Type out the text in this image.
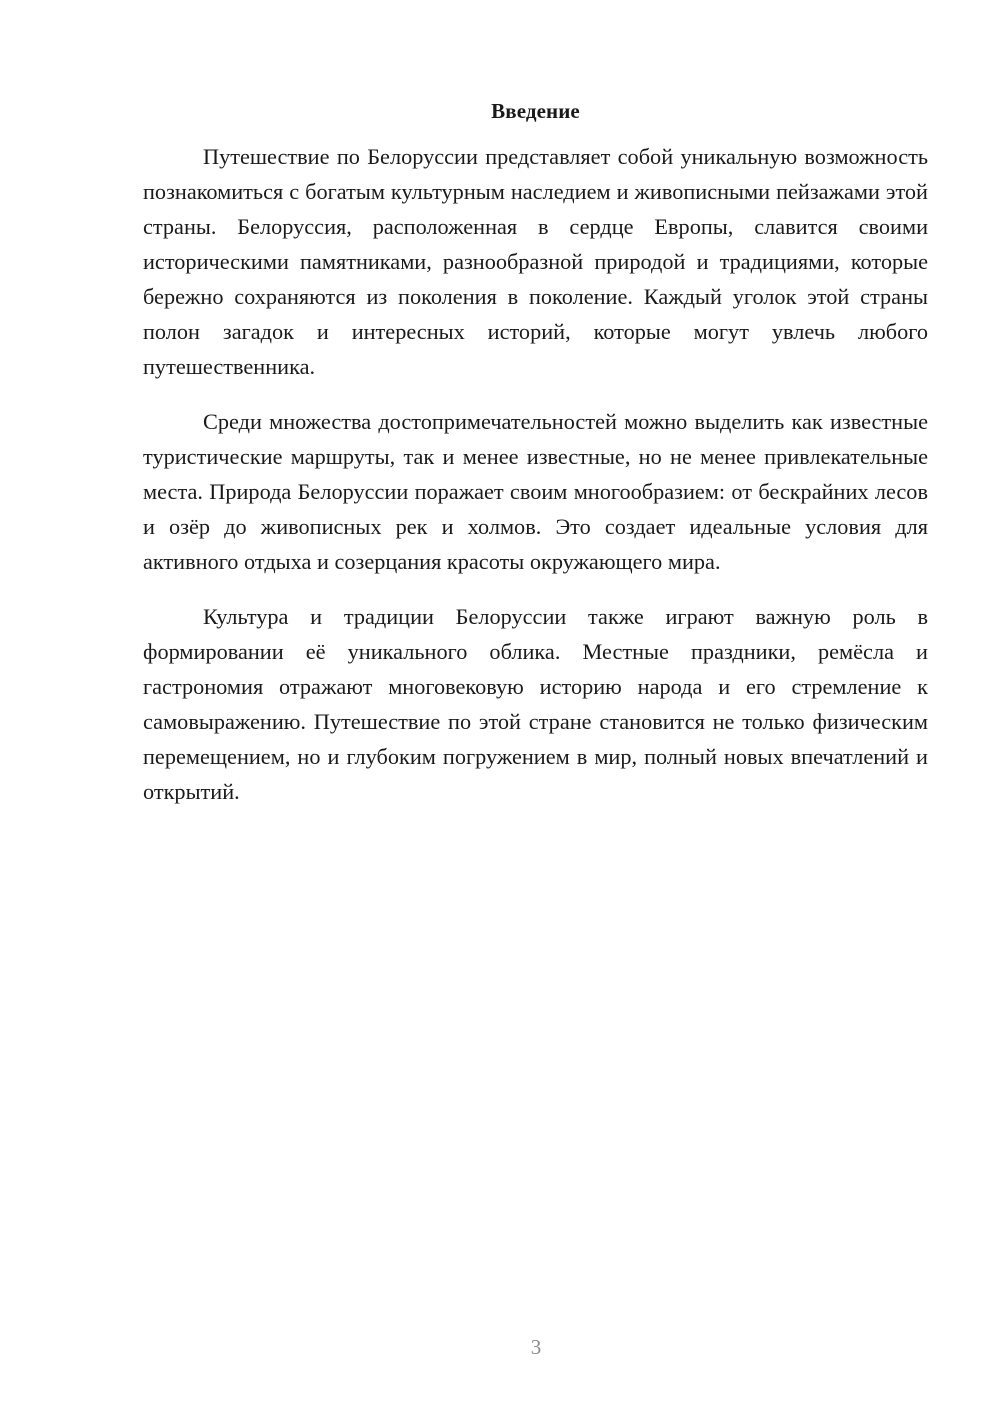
Введение

Путешествие по Белоруссии представляет собой уникальную возможность познакомиться с богатым культурным наследием и живописными пейзажами этой страны. Белоруссия, расположенная в сердце Европы, славится своими историческими памятниками, разнообразной природой и традициями, которые бережно сохраняются из поколения в поколение. Каждый уголок этой страны полон загадок и интересных историй, которые могут увлечь любого путешественника.

Среди множества достопримечательностей можно выделить как известные туристические маршруты, так и менее известные, но не менее привлекательные места. Природа Белоруссии поражает своим многообразием: от бескрайних лесов и озёр до живописных рек и холмов. Это создает идеальные условия для активного отдыха и созерцания красоты окружающего мира.

Культура и традиции Белоруссии также играют важную роль в формировании её уникального облика. Местные праздники, ремёсла и гастрономия отражают многовековую историю народа и его стремление к самовыражению. Путешествие по этой стране становится не только физическим перемещением, но и глубоким погружением в мир, полный новых впечатлений и открытий.

3
